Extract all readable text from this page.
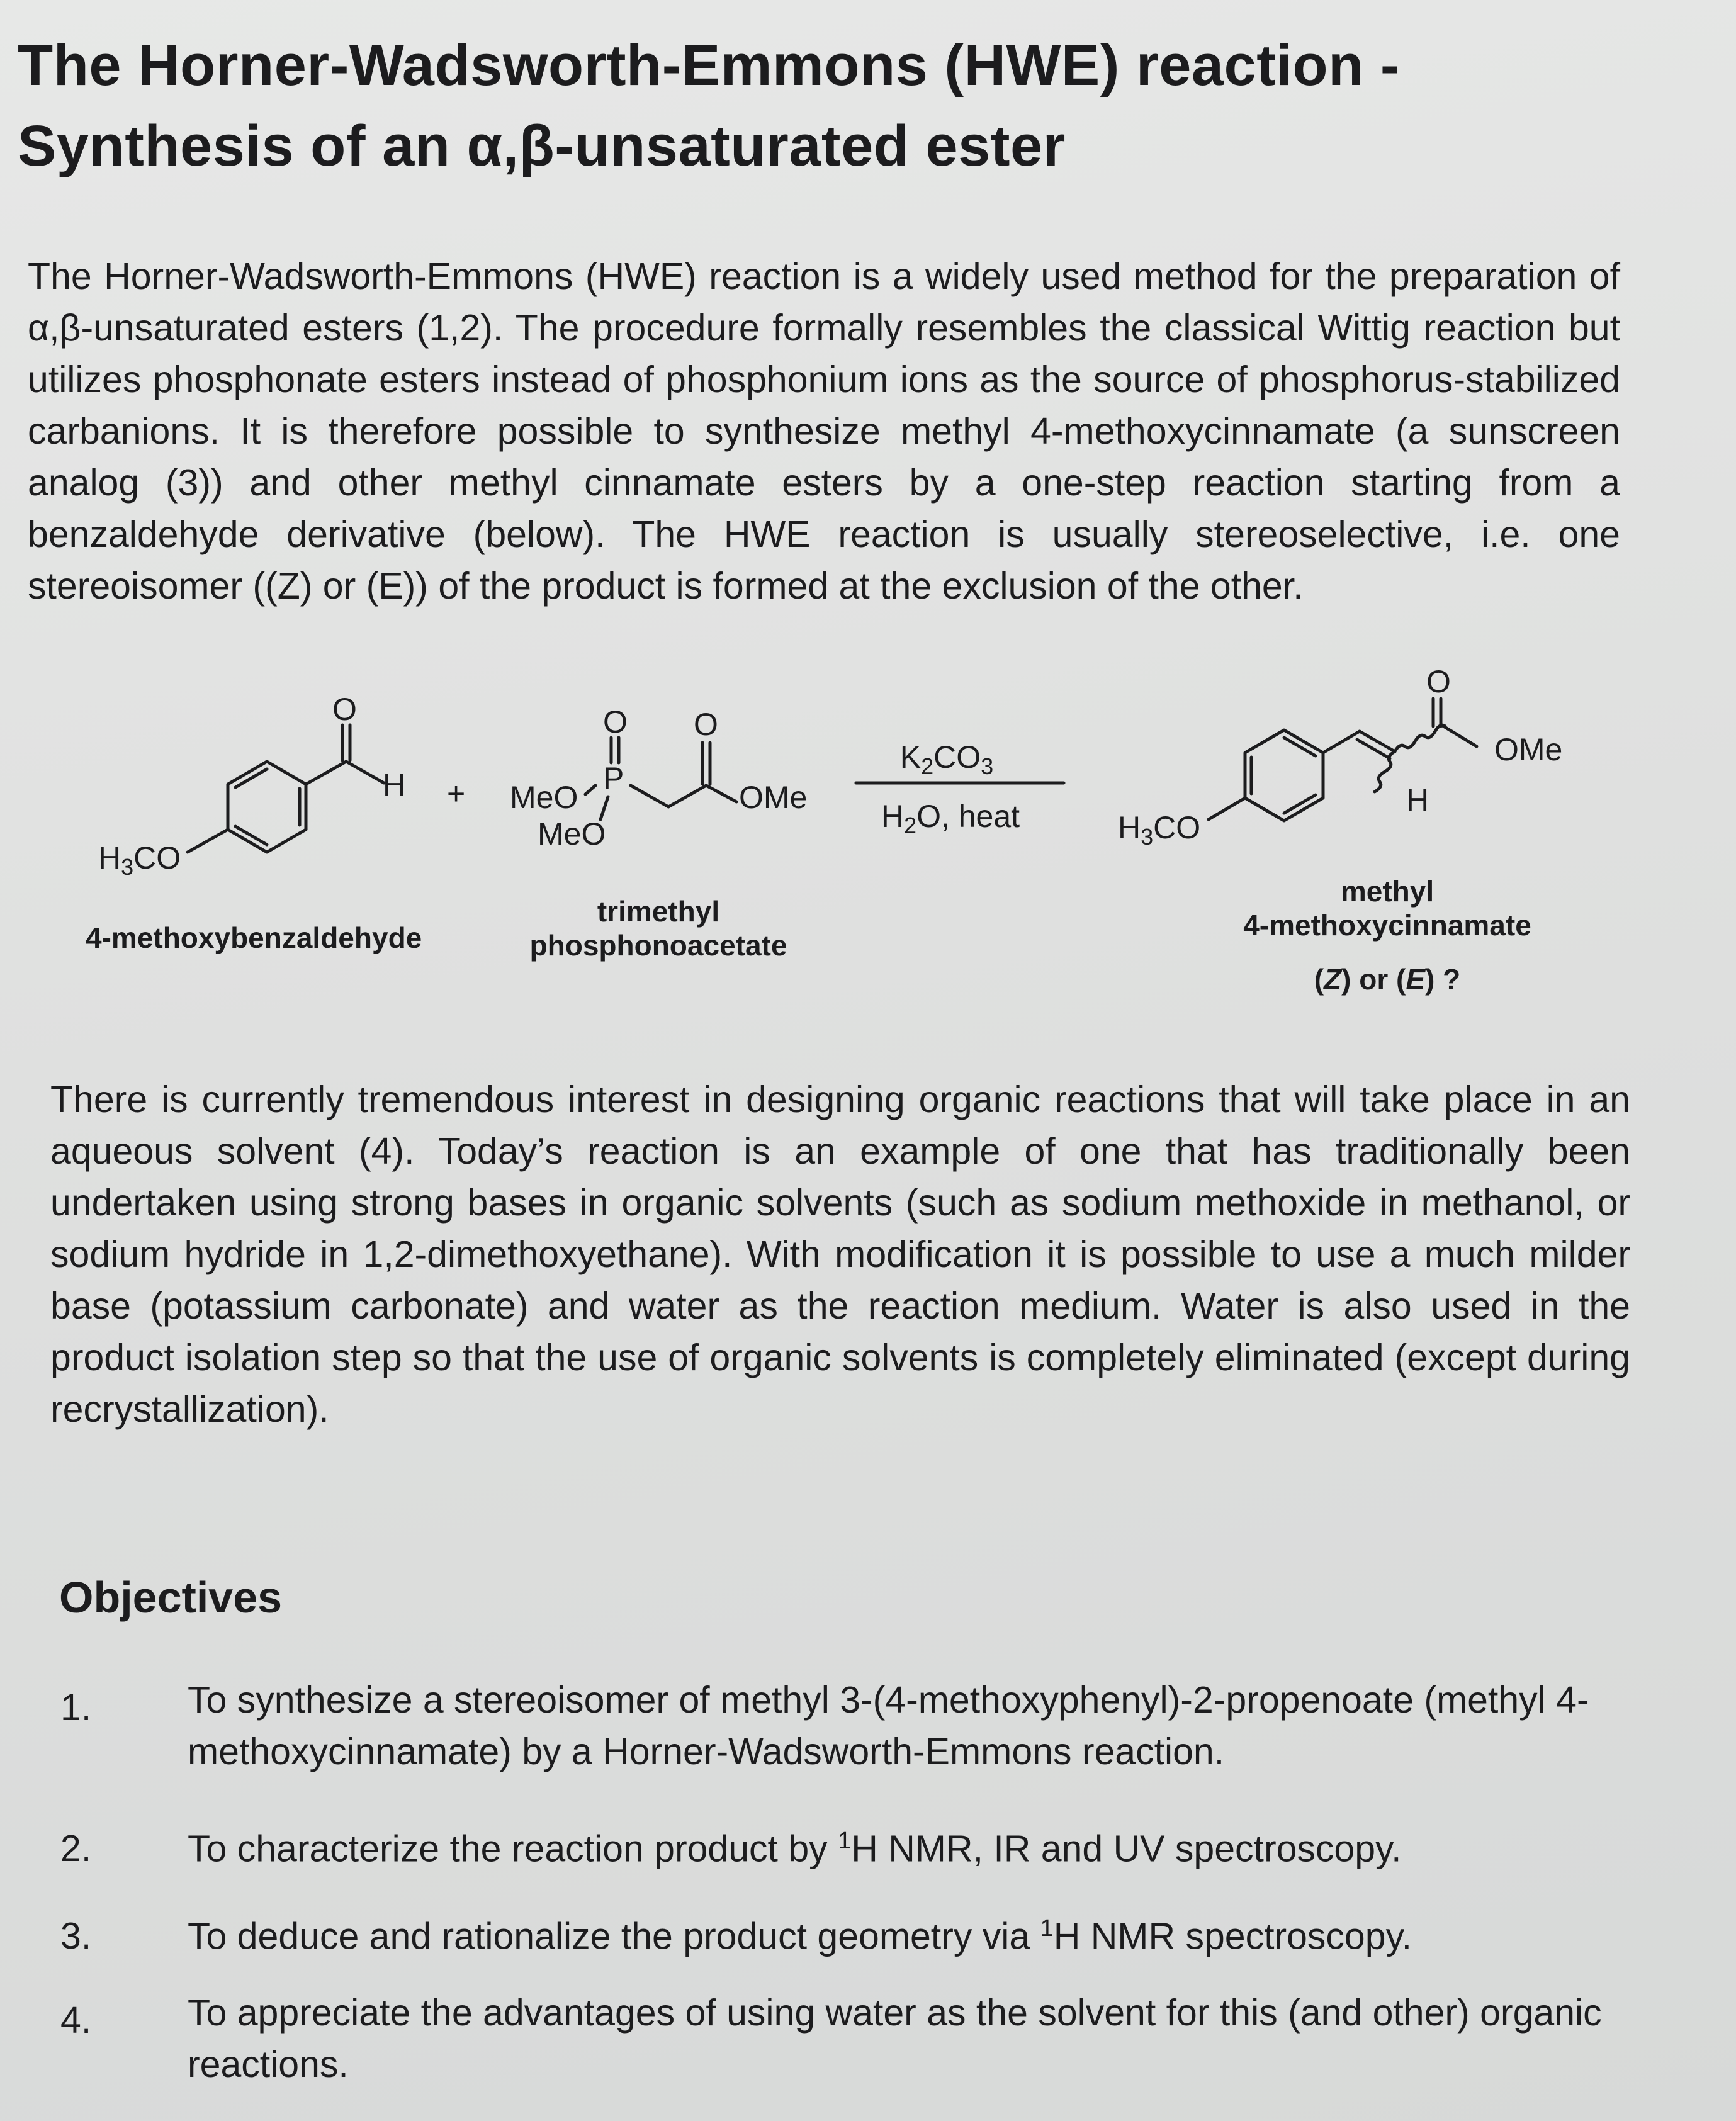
The Horner-Wadsworth-Emmons (HWE) reaction -
Synthesis of an α,β-unsaturated ester

The Horner-Wadsworth-Emmons (HWE) reaction is a widely used method for the preparation of α,β-unsaturated esters (1,2). The procedure formally resembles the classical Wittig reaction but utilizes phosphonate esters instead of phosphonium ions as the source of phosphorus-stabilized carbanions. It is therefore possible to synthesize methyl 4-methoxycinnamate (a sunscreen analog (3)) and other methyl cinnamate esters by a one-step reaction starting from a benzaldehyde derivative (below). The HWE reaction is usually stereoselective, i.e. one stereoisomer ((Z) or (E)) of the product is formed at the exclusion of the other.

$H_3CO$
O
H
4-methoxybenzaldehyde
+
O O
P
MeO
MeO
OMe
trimethyl
phosphonoacetate
$K_2CO_3$
$H_2O$, heat	$H_3CO$
O
OMe
H
methyl
4-methoxycinnamate
(Z) or (E) ?

There is currently tremendous interest in designing organic reactions that will take place in an aqueous solvent (4). Today’s reaction is an example of one that has traditionally been undertaken using strong bases in organic solvents (such as sodium methoxide in methanol, or sodium hydride in 1,2-dimethoxyethane). With modification it is possible to use a much milder base (potassium carbonate) and water as the reaction medium. Water is also used in the product isolation step so that the use of organic solvents is completely eliminated (except during recrystallization).

Objectives
1.	To synthesize a stereoisomer of methyl 3-(4-methoxyphenyl)-2-propenoate (methyl 4-methoxycinnamate) by a Horner-Wadsworth-Emmons reaction.
2.	To characterize the reaction product by $^1$H NMR, IR and UV spectroscopy.
3.	To deduce and rationalize the product geometry via $^1$H NMR spectroscopy.
4.	To appreciate the advantages of using water as the solvent for this (and other) organic reactions.
